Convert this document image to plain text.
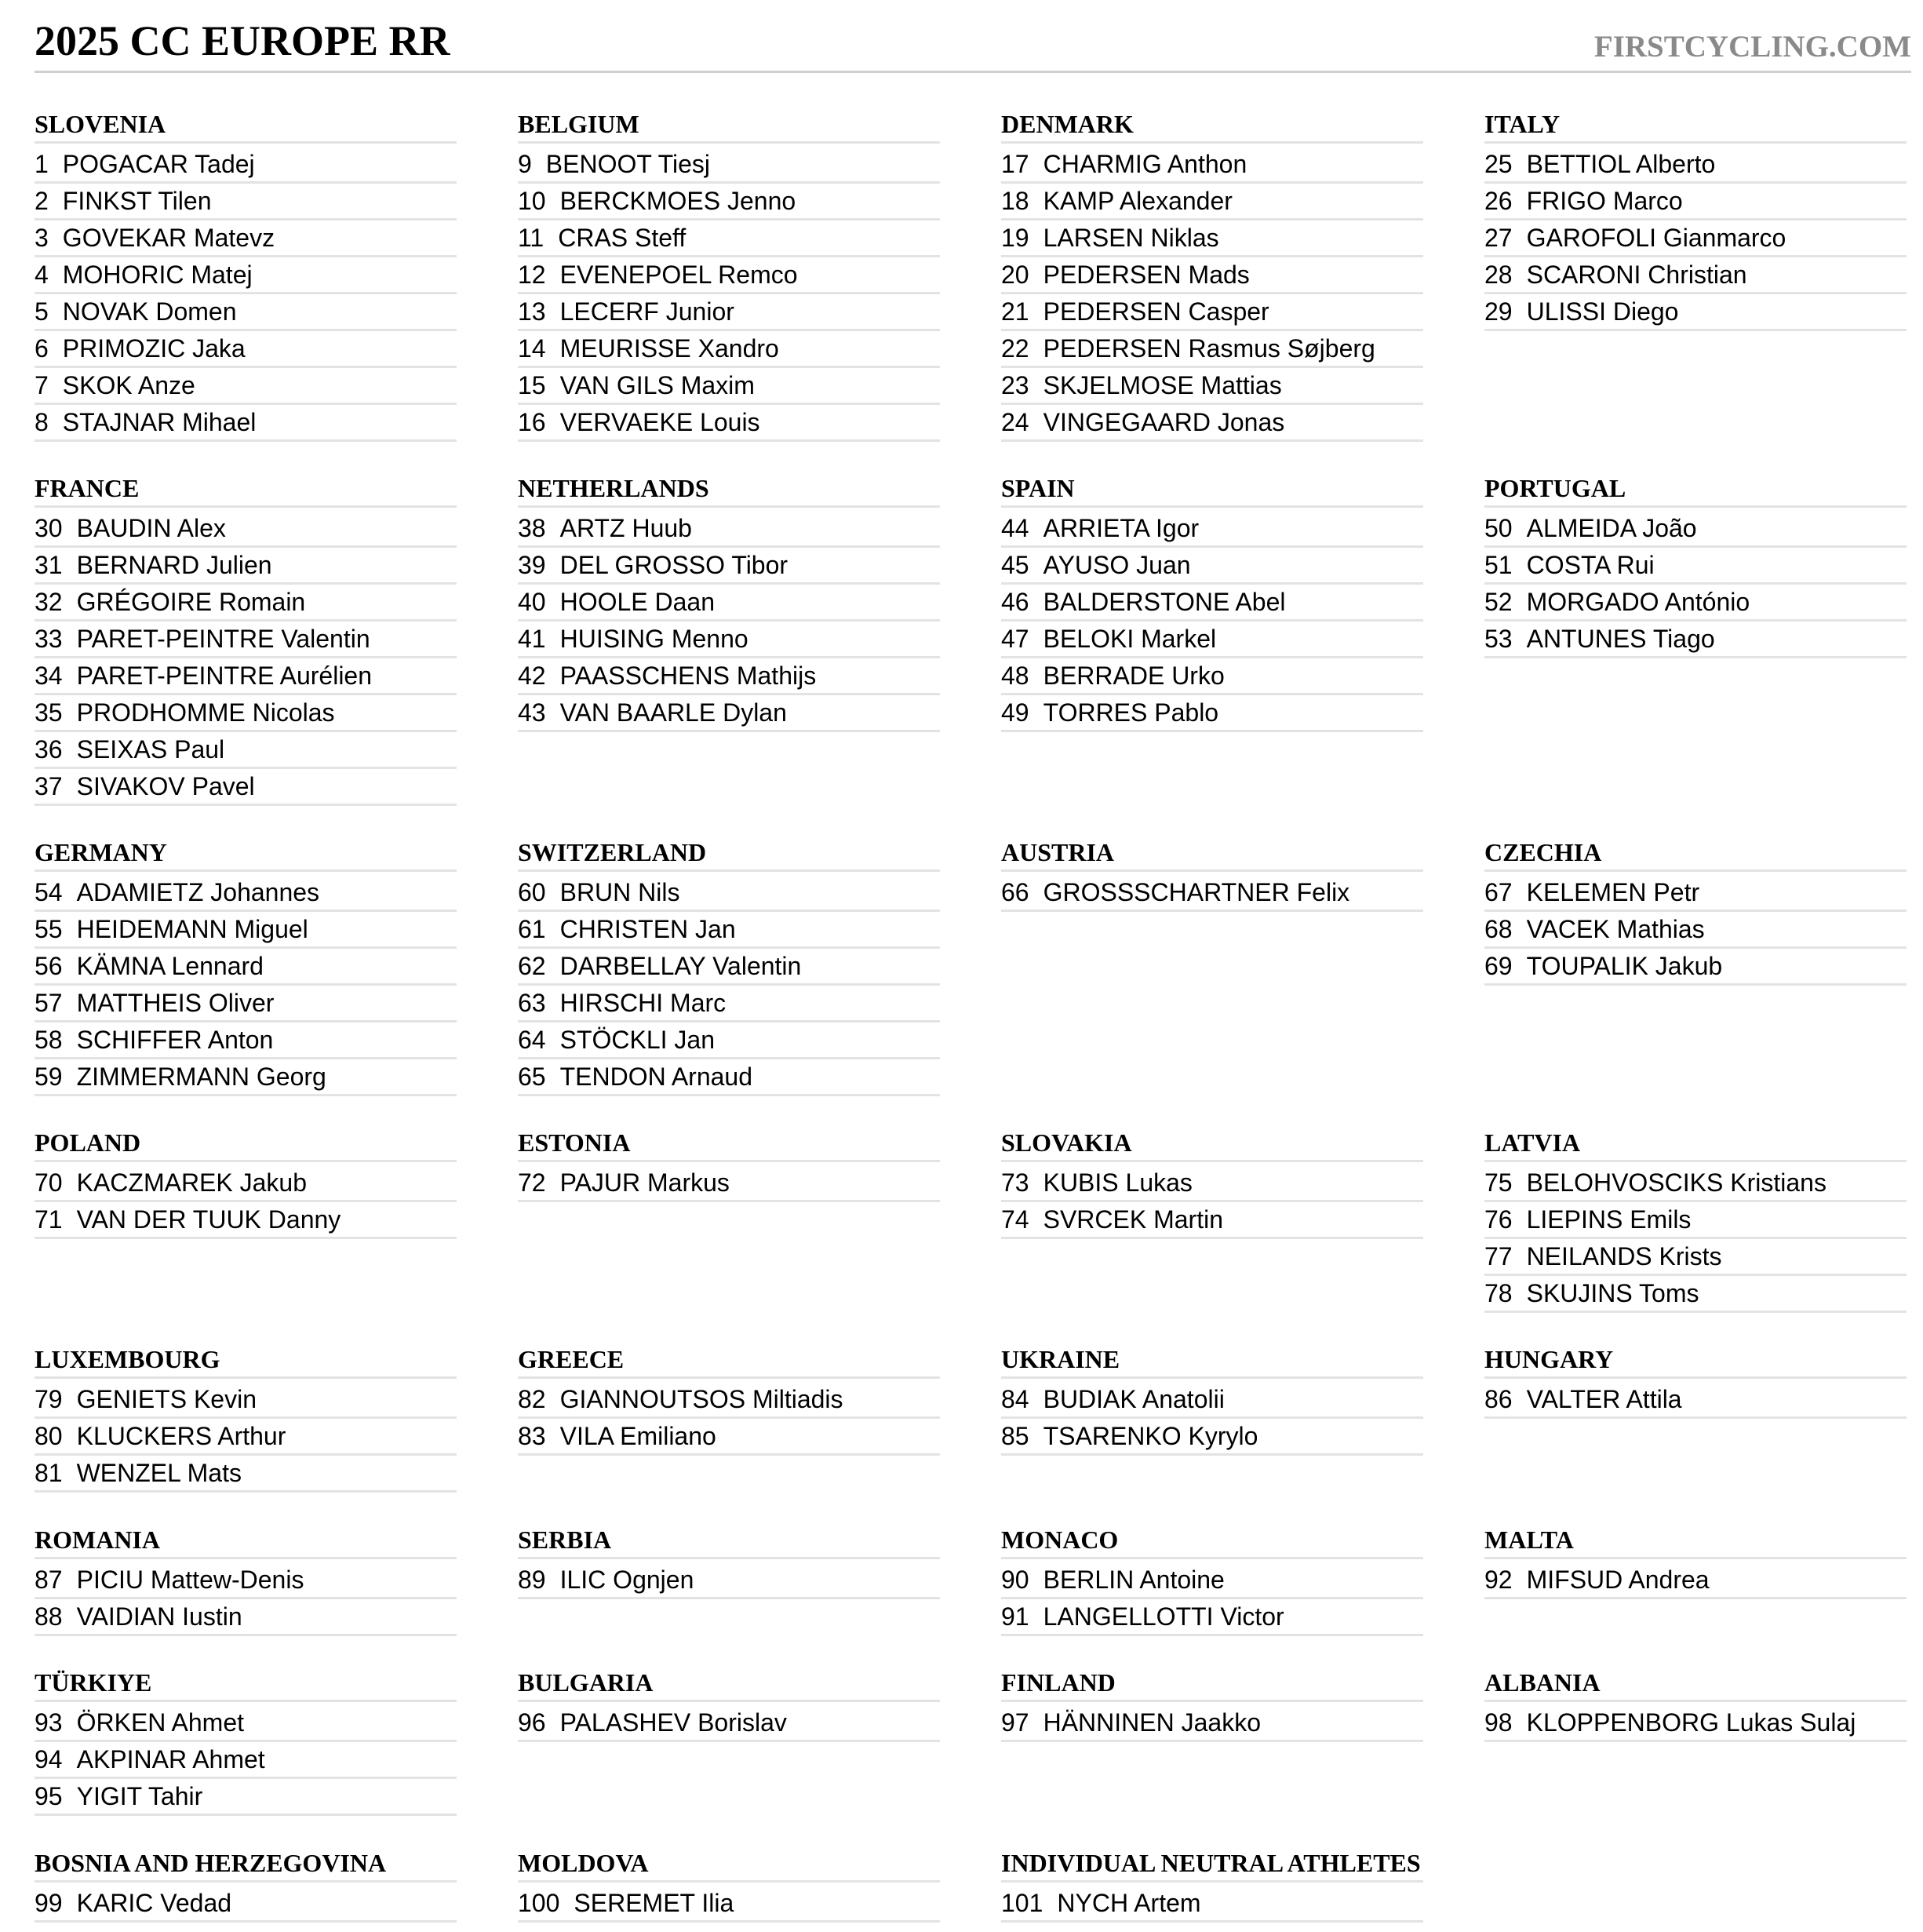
2025 CC EUROPE RR	FIRSTCYCLING.COM
SLOVENIA
1 POGACAR Tadej
2 FINKST Tilen
3 GOVEKAR Matevz
4 MOHORIC Matej
5 NOVAK Domen
6 PRIMOZIC Jaka
7 SKOK Anze
8 STAJNAR Mihael
BELGIUM
9 BENOOT Tiesj
10 BERCKMOES Jenno
11 CRAS Steff
12 EVENEPOEL Remco
13 LECERF Junior
14 MEURISSE Xandro
15 VAN GILS Maxim
16 VERVAEKE Louis
DENMARK
17 CHARMIG Anthon
18 KAMP Alexander
19 LARSEN Niklas
20 PEDERSEN Mads
21 PEDERSEN Casper
22 PEDERSEN Rasmus Søjberg
23 SKJELMOSE Mattias
24 VINGEGAARD Jonas
ITALY
25 BETTIOL Alberto
26 FRIGO Marco
27 GAROFOLI Gianmarco
28 SCARONI Christian
29 ULISSI Diego
FRANCE
30 BAUDIN Alex
31 BERNARD Julien
32 GRÉGOIRE Romain
33 PARET-PEINTRE Valentin
34 PARET-PEINTRE Aurélien
35 PRODHOMME Nicolas
36 SEIXAS Paul
37 SIVAKOV Pavel
NETHERLANDS
38 ARTZ Huub
39 DEL GROSSO Tibor
40 HOOLE Daan
41 HUISING Menno
42 PAASSCHENS Mathijs
43 VAN BAARLE Dylan
SPAIN
44 ARRIETA Igor
45 AYUSO Juan
46 BALDERSTONE Abel
47 BELOKI Markel
48 BERRADE Urko
49 TORRES Pablo
PORTUGAL
50 ALMEIDA João
51 COSTA Rui
52 MORGADO António
53 ANTUNES Tiago
GERMANY
54 ADAMIETZ Johannes
55 HEIDEMANN Miguel
56 KÄMNA Lennard
57 MATTHEIS Oliver
58 SCHIFFER Anton
59 ZIMMERMANN Georg
SWITZERLAND
60 BRUN Nils
61 CHRISTEN Jan
62 DARBELLAY Valentin
63 HIRSCHI Marc
64 STÖCKLI Jan
65 TENDON Arnaud
AUSTRIA
66 GROSSSCHARTNER Felix
CZECHIA
67 KELEMEN Petr
68 VACEK Mathias
69 TOUPALIK Jakub
POLAND
70 KACZMAREK Jakub
71 VAN DER TUUK Danny
ESTONIA
72 PAJUR Markus
SLOVAKIA
73 KUBIS Lukas
74 SVRCEK Martin
LATVIA
75 BELOHVOSCIKS Kristians
76 LIEPINS Emils
77 NEILANDS Krists
78 SKUJINS Toms
LUXEMBOURG
79 GENIETS Kevin
80 KLUCKERS Arthur
81 WENZEL Mats
GREECE
82 GIANNOUTSOS Miltiadis
83 VILA Emiliano
UKRAINE
84 BUDIAK Anatolii
85 TSARENKO Kyrylo
HUNGARY
86 VALTER Attila
ROMANIA
87 PICIU Mattew-Denis
88 VAIDIAN Iustin
SERBIA
89 ILIC Ognjen
MONACO
90 BERLIN Antoine
91 LANGELLOTTI Victor
MALTA
92 MIFSUD Andrea
TÜRKIYE
93 ÖRKEN Ahmet
94 AKPINAR Ahmet
95 YIGIT Tahir
BULGARIA
96 PALASHEV Borislav
FINLAND
97 HÄNNINEN Jaakko
ALBANIA
98 KLOPPENBORG Lukas Sulaj
BOSNIA AND HERZEGOVINA
99 KARIC Vedad
MOLDOVA
100 SEREMET Ilia
INDIVIDUAL NEUTRAL ATHLETES
101 NYCH Artem
